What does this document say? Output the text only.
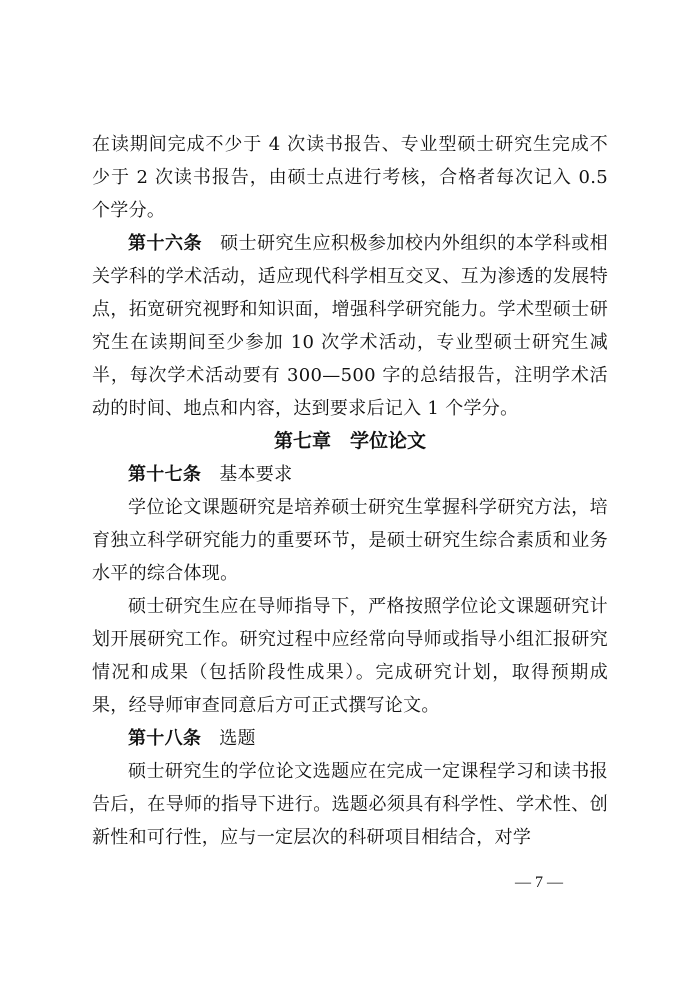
在读期间完成不少于 4 次读书报告、专业型硕士研究生完成不少于 2 次读书报告，由硕士点进行考核，合格者每次记入 0.5 个学分。

第十六条 硕士研究生应积极参加校内外组织的本学科或相关学科的学术活动，适应现代科学相互交叉、互为渗透的发展特点，拓宽研究视野和知识面，增强科学研究能力。学术型硕士研究生在读期间至少参加 10 次学术活动，专业型硕士研究生减半，每次学术活动要有 300—500 字的总结报告，注明学术活动的时间、地点和内容，达到要求后记入 1 个学分。

第七章　学位论文

第十七条 基本要求

学位论文课题研究是培养硕士研究生掌握科学研究方法，培育独立科学研究能力的重要环节，是硕士研究生综合素质和业务水平的综合体现。

硕士研究生应在导师指导下，严格按照学位论文课题研究计划开展研究工作。研究过程中应经常向导师或指导小组汇报研究情况和成果（包括阶段性成果）。完成研究计划，取得预期成果，经导师审查同意后方可正式撰写论文。

第十八条 选题

硕士研究生的学位论文选题应在完成一定课程学习和读书报告后，在导师的指导下进行。选题必须具有科学性、学术性、创新性和可行性，应与一定层次的科研项目相结合，对学

— 7 —
